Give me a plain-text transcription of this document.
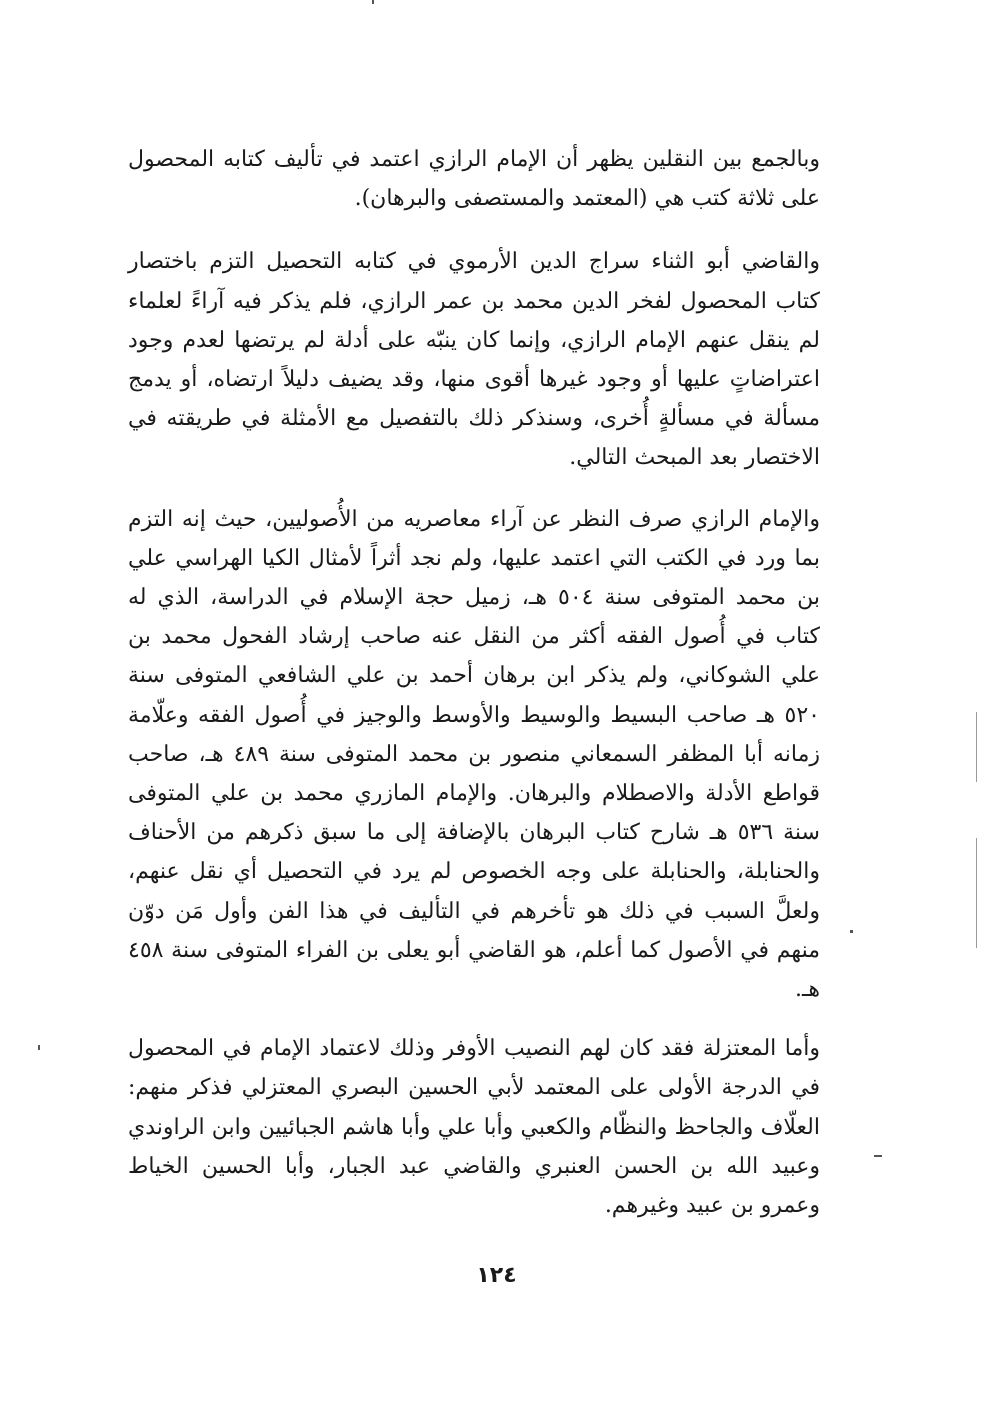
وبالجمع بين النقلين يظهر أن الإمام الرازي اعتمد في تأليف كتابه المحصول على ثلاثة كتب هي (المعتمد والمستصفى والبرهان).

والقاضي أبو الثناء سراج الدين الأرموي في كتابه التحصيل التزم باختصار كتاب المحصول لفخر الدين محمد بن عمر الرازي، فلم يذكر فيه آراءً لعلماء لم ينقل عنهم الإمام الرازي، وإنما كان ينبّه على أدلة لم يرتضها لعدم وجود اعتراضاتٍ عليها أو وجود غيرها أقوى منها، وقد يضيف دليلاً ارتضاه، أو يدمج مسألة في مسألةٍ أُخرى، وسنذكر ذلك بالتفصيل مع الأمثلة في طريقته في الاختصار بعد المبحث التالي.

والإمام الرازي صرف النظر عن آراء معاصريه من الأُصوليين، حيث إنه التزم بما ورد في الكتب التي اعتمد عليها، ولم نجد أثراً لأمثال الكيا الهراسي علي بن محمد المتوفى سنة ٥٠٤ هـ، زميل حجة الإسلام في الدراسة، الذي له كتاب في أُصول الفقه أكثر من النقل عنه صاحب إرشاد الفحول محمد بن علي الشوكاني، ولم يذكر ابن برهان أحمد بن علي الشافعي المتوفى سنة ٥٢٠ هـ صاحب البسيط والوسيط والأوسط والوجيز في أُصول الفقه وعلّامة زمانه أبا المظفر السمعاني منصور بن محمد المتوفى سنة ٤٨٩ هـ، صاحب قواطع الأدلة والاصطلام والبرهان. والإمام المازري محمد بن علي المتوفى سنة ٥٣٦ هـ شارح كتاب البرهان بالإضافة إلى ما سبق ذكرهم من الأحناف والحنابلة، والحنابلة على وجه الخصوص لم يرد في التحصيل أي نقل عنهم، ولعلَّ السبب في ذلك هو تأخرهم في التأليف في هذا الفن وأول مَن دوّن منهم في الأصول كما أعلم، هو القاضي أبو يعلى بن الفراء المتوفى سنة ٤٥٨ هـ.

وأما المعتزلة فقد كان لهم النصيب الأوفر وذلك لاعتماد الإمام في المحصول في الدرجة الأولى على المعتمد لأبي الحسين البصري المعتزلي فذكر منهم: العلّاف والجاحظ والنظّام والكعبي وأبا علي وأبا هاشم الجبائيين وابن الراوندي وعبيد الله بن الحسن العنبري والقاضي عبد الجبار، وأبا الحسين الخياط وعمرو بن عبيد وغيرهم.

١٢٤
